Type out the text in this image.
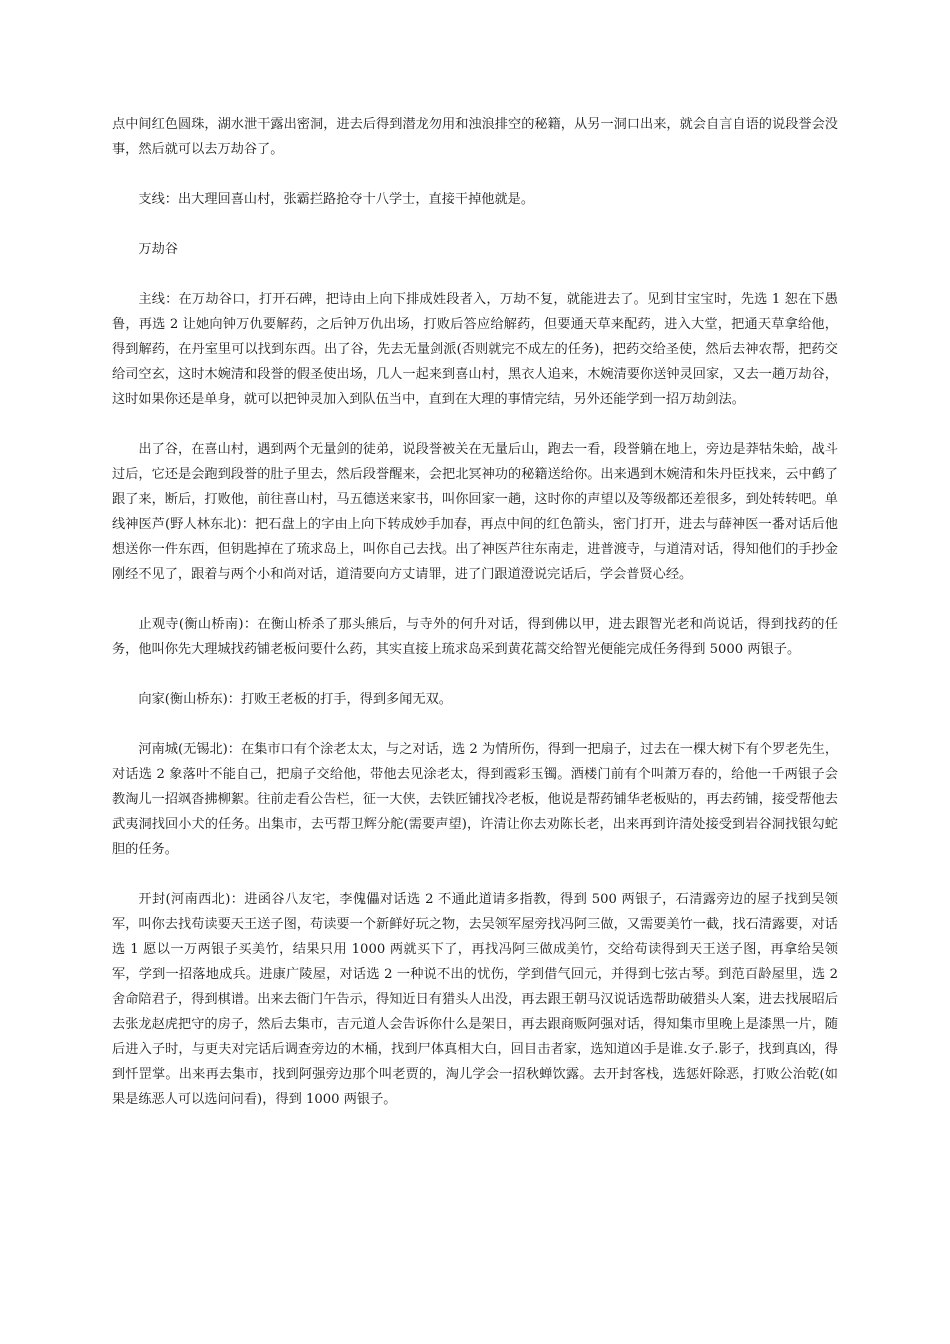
点中间红色圆珠，湖水泄干露出密洞，进去后得到潜龙勿用和浊浪排空的秘籍，从另一洞口出来，就会自言自语的说段誉会没事，然后就可以去万劫谷了。

支线：出大理回喜山村，张霸拦路抢夺十八学士，直接干掉他就是。

万劫谷

主线：在万劫谷口，打开石碑，把诗由上向下排成姓段者入，万劫不复，就能进去了。见到甘宝宝时，先选 1 恕在下愚鲁，再选 2 让她向钟万仇要解药，之后钟万仇出场，打败后答应给解药，但要通天草来配药，进入大堂，把通天草拿给他，得到解药，在丹室里可以找到东西。出了谷，先去无量剑派(否则就完不成左的任务)，把药交给圣使，然后去神农帮，把药交给司空玄，这时木婉清和段誉的假圣使出场，几人一起来到喜山村，黑衣人追来，木婉清要你送钟灵回家，又去一趟万劫谷，这时如果你还是单身，就可以把钟灵加入到队伍当中，直到在大理的事情完结，另外还能学到一招万劫剑法。

出了谷，在喜山村，遇到两个无量剑的徒弟，说段誉被关在无量后山，跑去一看，段誉躺在地上，旁边是莽牯朱蛤，战斗过后，它还是会跑到段誉的肚子里去，然后段誉醒来，会把北冥神功的秘籍送给你。出来遇到木婉清和朱丹臣找来，云中鹤了跟了来，断后，打败他，前往喜山村，马五德送来家书，叫你回家一趟，这时你的声望以及等级都还差很多，到处转转吧。单线神医芦(野人林东北)：把石盘上的字由上向下转成妙手加春，再点中间的红色箭头，密门打开，进去与薛神医一番对话后他想送你一件东西，但钥匙掉在了琉求岛上，叫你自己去找。出了神医芦往东南走，进普渡寺，与道清对话，得知他们的手抄金刚经不见了，跟着与两个小和尚对话，道清要向方丈请罪，进了门跟道澄说完话后，学会普贤心经。

止观寺(衡山桥南)：在衡山桥杀了那头熊后，与寺外的何升对话，得到佛以甲，进去跟智光老和尚说话，得到找药的任务，他叫你先大理城找药铺老板问要什么药，其实直接上琉求岛采到黄花蒿交给智光便能完成任务得到 5000 两银子。

向家(衡山桥东)：打败王老板的打手，得到多闻无双。

河南城(无锡北)：在集市口有个涂老太太，与之对话，选 2 为情所伤，得到一把扇子，过去在一棵大树下有个罗老先生，对话选 2 象落叶不能自己，把扇子交给他，带他去见涂老太，得到霞彩玉镯。酒楼门前有个叫萧万春的，给他一千两银子会教淘儿一招飒沓拂柳絮。往前走看公告栏，征一大侠，去铁匠铺找冷老板，他说是帮药铺华老板贴的，再去药铺，接受帮他去武夷洞找回小犬的任务。出集市，去丐帮卫辉分舵(需要声望)，许清让你去劝陈长老，出来再到许清处接受到岩谷洞找银勾蛇胆的任务。

开封(河南西北)：进函谷八友宅，李傀儡对话选 2 不通此道请多指教，得到 500 两银子，石清露旁边的屋子找到吴领军，叫你去找苟读要天王送子图，苟读要一个新鲜好玩之物，去吴领军屋旁找冯阿三做，又需要美竹一截，找石清露要，对话选 1 愿以一万两银子买美竹，结果只用 1000 两就买下了，再找冯阿三做成美竹，交给苟读得到天王送子图，再拿给吴领军，学到一招落地成兵。进康广陵屋，对话选 2 一种说不出的忧伤，学到借气回元，并得到七弦古琴。到范百龄屋里，选 2 舍命陪君子，得到棋谱。出来去衙门午告示，得知近日有猎头人出没，再去跟王朝马汉说话选帮助破猎头人案，进去找展昭后去张龙赵虎把守的房子，然后去集市，吉元道人会告诉你什么是架日，再去跟商贩阿强对话，得知集市里晚上是漆黑一片，随后进入子时，与更夫对完话后调查旁边的木桶，找到尸体真相大白，回目击者家，选知道凶手是谁.女子.影子，找到真凶，得到忏罡掌。出来再去集市，找到阿强旁边那个叫老贾的，淘儿学会一招秋蝉饮露。去开封客栈，选惩奸除恶，打败公治乾(如果是练恶人可以选问问看)，得到 1000 两银子。
